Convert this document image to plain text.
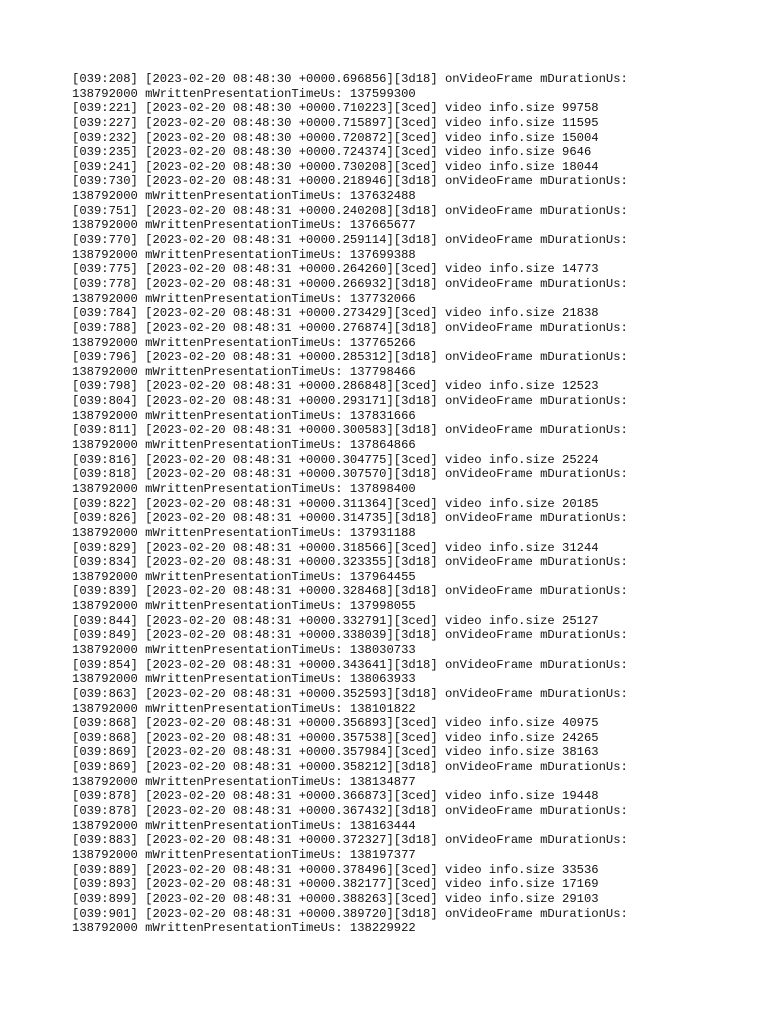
[039:208] [2023-02-20 08:48:30 +0000.696856][3d18] onVideoFrame mDurationUs:
138792000 mWrittenPresentationTimeUs: 137599300
[039:221] [2023-02-20 08:48:30 +0000.710223][3ced] video info.size 99758
[039:227] [2023-02-20 08:48:30 +0000.715897][3ced] video info.size 11595
[039:232] [2023-02-20 08:48:30 +0000.720872][3ced] video info.size 15004
[039:235] [2023-02-20 08:48:30 +0000.724374][3ced] video info.size 9646
[039:241] [2023-02-20 08:48:30 +0000.730208][3ced] video info.size 18044
[039:730] [2023-02-20 08:48:31 +0000.218946][3d18] onVideoFrame mDurationUs:
138792000 mWrittenPresentationTimeUs: 137632488
[039:751] [2023-02-20 08:48:31 +0000.240208][3d18] onVideoFrame mDurationUs:
138792000 mWrittenPresentationTimeUs: 137665677
[039:770] [2023-02-20 08:48:31 +0000.259114][3d18] onVideoFrame mDurationUs:
138792000 mWrittenPresentationTimeUs: 137699388
[039:775] [2023-02-20 08:48:31 +0000.264260][3ced] video info.size 14773
[039:778] [2023-02-20 08:48:31 +0000.266932][3d18] onVideoFrame mDurationUs:
138792000 mWrittenPresentationTimeUs: 137732066
[039:784] [2023-02-20 08:48:31 +0000.273429][3ced] video info.size 21838
[039:788] [2023-02-20 08:48:31 +0000.276874][3d18] onVideoFrame mDurationUs:
138792000 mWrittenPresentationTimeUs: 137765266
[039:796] [2023-02-20 08:48:31 +0000.285312][3d18] onVideoFrame mDurationUs:
138792000 mWrittenPresentationTimeUs: 137798466
[039:798] [2023-02-20 08:48:31 +0000.286848][3ced] video info.size 12523
[039:804] [2023-02-20 08:48:31 +0000.293171][3d18] onVideoFrame mDurationUs:
138792000 mWrittenPresentationTimeUs: 137831666
[039:811] [2023-02-20 08:48:31 +0000.300583][3d18] onVideoFrame mDurationUs:
138792000 mWrittenPresentationTimeUs: 137864866
[039:816] [2023-02-20 08:48:31 +0000.304775][3ced] video info.size 25224
[039:818] [2023-02-20 08:48:31 +0000.307570][3d18] onVideoFrame mDurationUs:
138792000 mWrittenPresentationTimeUs: 137898400
[039:822] [2023-02-20 08:48:31 +0000.311364][3ced] video info.size 20185
[039:826] [2023-02-20 08:48:31 +0000.314735][3d18] onVideoFrame mDurationUs:
138792000 mWrittenPresentationTimeUs: 137931188
[039:829] [2023-02-20 08:48:31 +0000.318566][3ced] video info.size 31244
[039:834] [2023-02-20 08:48:31 +0000.323355][3d18] onVideoFrame mDurationUs:
138792000 mWrittenPresentationTimeUs: 137964455
[039:839] [2023-02-20 08:48:31 +0000.328468][3d18] onVideoFrame mDurationUs:
138792000 mWrittenPresentationTimeUs: 137998055
[039:844] [2023-02-20 08:48:31 +0000.332791][3ced] video info.size 25127
[039:849] [2023-02-20 08:48:31 +0000.338039][3d18] onVideoFrame mDurationUs:
138792000 mWrittenPresentationTimeUs: 138030733
[039:854] [2023-02-20 08:48:31 +0000.343641][3d18] onVideoFrame mDurationUs:
138792000 mWrittenPresentationTimeUs: 138063933
[039:863] [2023-02-20 08:48:31 +0000.352593][3d18] onVideoFrame mDurationUs:
138792000 mWrittenPresentationTimeUs: 138101822
[039:868] [2023-02-20 08:48:31 +0000.356893][3ced] video info.size 40975
[039:868] [2023-02-20 08:48:31 +0000.357538][3ced] video info.size 24265
[039:869] [2023-02-20 08:48:31 +0000.357984][3ced] video info.size 38163
[039:869] [2023-02-20 08:48:31 +0000.358212][3d18] onVideoFrame mDurationUs:
138792000 mWrittenPresentationTimeUs: 138134877
[039:878] [2023-02-20 08:48:31 +0000.366873][3ced] video info.size 19448
[039:878] [2023-02-20 08:48:31 +0000.367432][3d18] onVideoFrame mDurationUs:
138792000 mWrittenPresentationTimeUs: 138163444
[039:883] [2023-02-20 08:48:31 +0000.372327][3d18] onVideoFrame mDurationUs:
138792000 mWrittenPresentationTimeUs: 138197377
[039:889] [2023-02-20 08:48:31 +0000.378496][3ced] video info.size 33536
[039:893] [2023-02-20 08:48:31 +0000.382177][3ced] video info.size 17169
[039:899] [2023-02-20 08:48:31 +0000.388263][3ced] video info.size 29103
[039:901] [2023-02-20 08:48:31 +0000.389720][3d18] onVideoFrame mDurationUs:
138792000 mWrittenPresentationTimeUs: 138229922
